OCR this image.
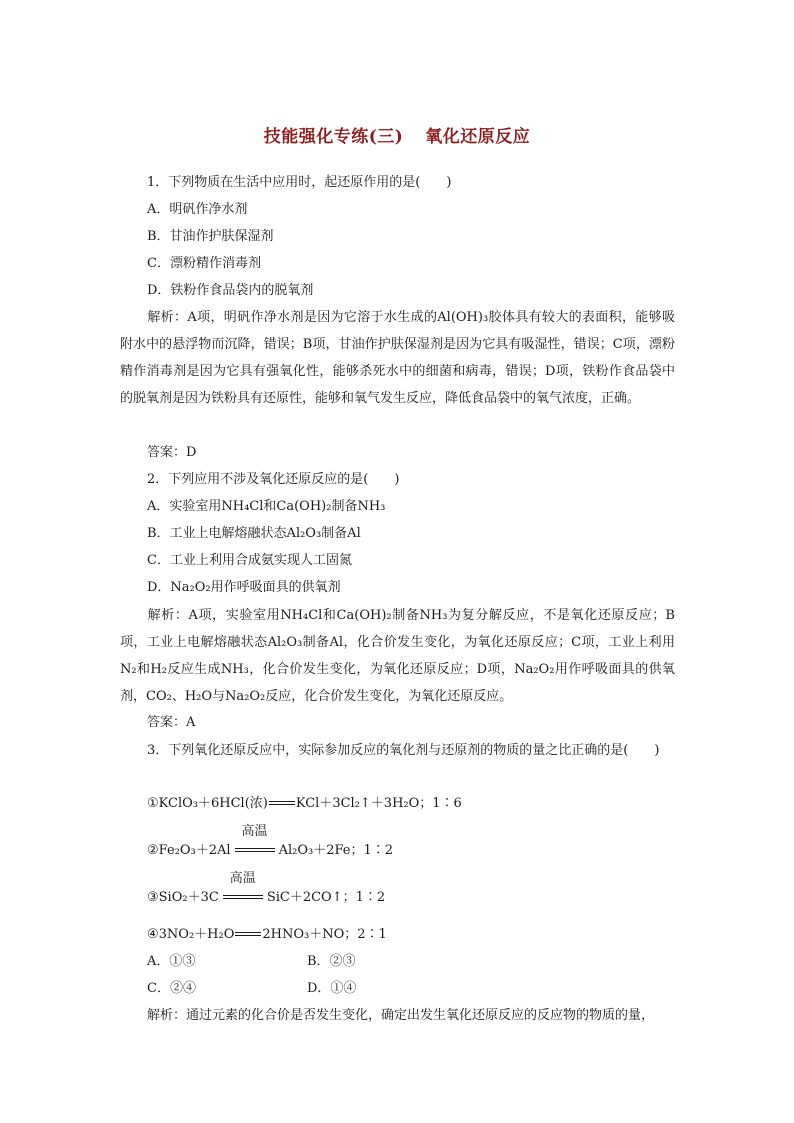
技能强化专练(三) 氧化还原反应
1．下列物质在生活中应用时，起还原作用的是(　　)
A．明矾作净水剂
B．甘油作护肤保湿剂
C．漂粉精作消毒剂
D．铁粉作食品袋内的脱氧剂
解析：A项，明矾作净水剂是因为它溶于水生成的Al(OH)₃胶体具有较大的表面积，能够吸附水中的悬浮物而沉降，错误；B项，甘油作护肤保湿剂是因为它具有吸湿性，错误；C项，漂粉精作消毒剂是因为它具有强氧化性，能够杀死水中的细菌和病毒，错误；D项，铁粉作食品袋中的脱氧剂是因为铁粉具有还原性，能够和氧气发生反应，降低食品袋中的氧气浓度，正确。
答案：D
2．下列应用不涉及氧化还原反应的是(　　)
A．实验室用NH₄Cl和Ca(OH)₂制备NH₃
B．工业上电解熔融状态Al₂O₃制备Al
C．工业上利用合成氨实现人工固氮
D．Na₂O₂用作呼吸面具的供氧剂
解析：A项，实验室用NH₄Cl和Ca(OH)₂制备NH₃为复分解反应，不是氧化还原反应；B项，工业上电解熔融状态Al₂O₃制备Al，化合价发生变化，为氧化还原反应；C项，工业上利用N₂和H₂反应生成NH₃，化合价发生变化，为氧化还原反应；D项，Na₂O₂用作呼吸面具的供氧剂，CO₂、H₂O与Na₂O₂反应，化合价发生变化，为氧化还原反应。
答案：A
3．下列氧化还原反应中，实际参加反应的氧化剂与还原剂的物质的量之比正确的是(　　)
①KClO₃＋6HCl(浓) KCl＋3Cl₂↑＋3H₂O；1∶6
②Fe₂O₃＋2Al
高温
Al₂O₃＋2Fe；1∶2
③SiO₂＋3C
高温
SiC＋2CO↑；1∶2
④3NO₂＋H₂O 2HNO₃＋NO；2∶1
A．①③	B．②③
C．②④	D．①④
解析：通过元素的化合价是否发生变化，确定出发生氧化还原反应的反应物的物质的量，
